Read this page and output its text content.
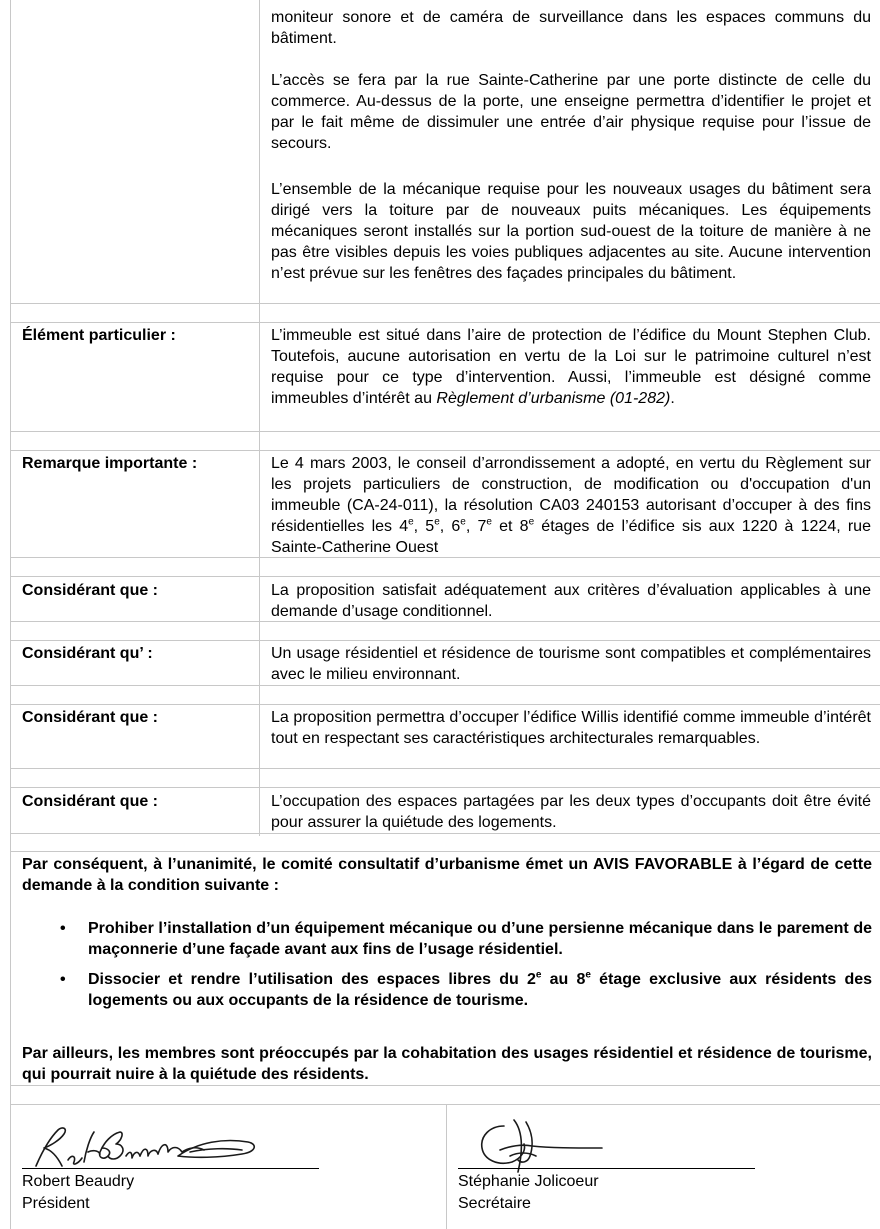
moniteur sonore et de caméra de surveillance dans les espaces communs du bâtiment.
L’accès se fera par la rue Sainte-Catherine par une porte distincte de celle du commerce. Au-dessus de la porte, une enseigne permettra d’identifier le projet et par le fait même de dissimuler une entrée d’air physique requise pour l’issue de secours.
L’ensemble de la mécanique requise pour les nouveaux usages du bâtiment sera dirigé vers la toiture par de nouveaux puits mécaniques. Les équipements mécaniques seront installés sur la portion sud-ouest de la toiture de manière à ne pas être visibles depuis les voies publiques adjacentes au site. Aucune intervention n’est prévue sur les fenêtres des façades principales du bâtiment.
Élément particulier :	L’immeuble est situé dans l’aire de protection de l’édifice du Mount Stephen Club. Toutefois, aucune autorisation en vertu de la Loi sur le patrimoine culturel n’est requise pour ce type d’intervention. Aussi, l’immeuble est désigné comme immeubles d’intérêt au Règlement d’urbanisme (01-282).
Remarque importante :	Le 4 mars 2003, le conseil d’arrondissement a adopté, en vertu du Règlement sur les projets particuliers de construction, de modification ou d'occupation d'un immeuble (CA-24-011), la résolution CA03 240153 autorisant d’occuper à des fins résidentielles les 4e, 5e, 6e, 7e et 8e étages de l’édifice sis aux 1220 à 1224, rue Sainte-Catherine Ouest
Considérant que :	La proposition satisfait adéquatement aux critères d’évaluation applicables à une demande d’usage conditionnel.
Considérant qu’ :	Un usage résidentiel et résidence de tourisme sont compatibles et complémentaires avec le milieu environnant.
Considérant que :	La proposition permettra d’occuper l’édifice Willis identifié comme immeuble d’intérêt tout en respectant ses caractéristiques architecturales remarquables.
Considérant que :	L’occupation des espaces partagées par les deux types d’occupants doit être évité pour assurer la quiétude des logements.
Par conséquent, à l’unanimité, le comité consultatif d’urbanisme émet un AVIS FAVORABLE à l’égard de cette demande à la condition suivante :
• Prohiber l’installation d’un équipement mécanique ou d’une persienne mécanique dans le parement de maçonnerie d’une façade avant aux fins de l’usage résidentiel.
• Dissocier et rendre l’utilisation des espaces libres du 2e au 8e étage exclusive aux résidents des logements ou aux occupants de la résidence de tourisme.
Par ailleurs, les membres sont préoccupés par la cohabitation des usages résidentiel et résidence de tourisme, qui pourrait nuire à la quiétude des résidents.
Robert Beaudry
Président
Stéphanie Jolicoeur
Secrétaire
